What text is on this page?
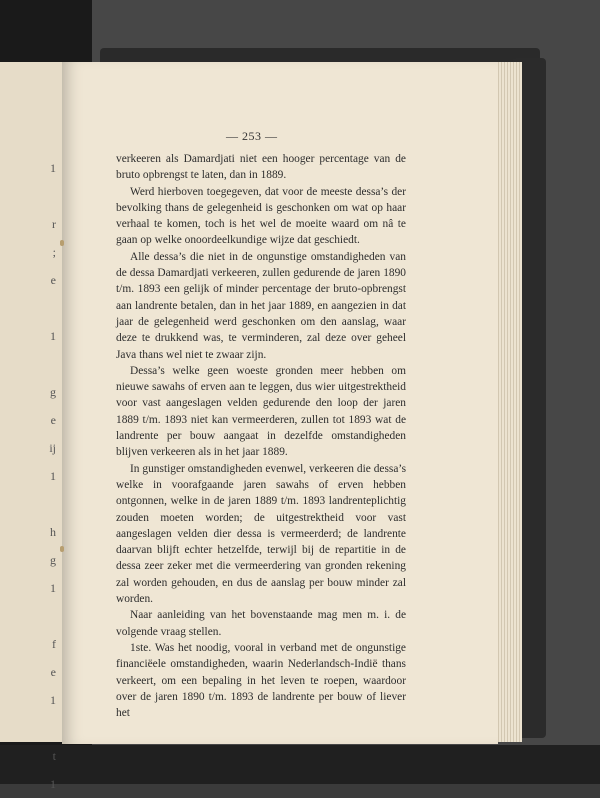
1

r
;
e

1

g
e
ij
1

h
g
1

f
e
1

t
1
— 253 —

verkeeren als Damardjati niet een hooger percentage van de bruto opbrengst te laten, dan in 1889.

Werd hierboven toegegeven, dat voor de meeste dessa’s der bevolking thans de gelegenheid is geschonken om wat op haar verhaal te komen, toch is het wel de moeite waard om nâ te gaan op welke onoordeelkundige wijze dat geschiedt.

Alle dessa’s die niet in de ongunstige omstandigheden van de dessa Damardjati verkeeren, zullen gedurende de jaren 1890 t/m. 1893 een gelijk of minder percentage der bruto-opbrengst aan landrente betalen, dan in het jaar 1889, en aangezien in dat jaar de gelegenheid werd geschonken om den aanslag, waar deze te drukkend was, te verminderen, zal deze over geheel Java thans wel niet te zwaar zijn.

Dessa’s welke geen woeste gronden meer hebben om nieuwe sawahs of erven aan te leggen, dus wier uitgestrektheid voor vast aangeslagen velden gedurende den loop der jaren 1889 t/m. 1893 niet kan vermeerderen, zullen tot 1893 wat de landrente per bouw aangaat in dezelfde omstandigheden blijven verkeeren als in het jaar 1889.

In gunstiger omstandigheden evenwel, verkeeren die dessa’s welke in voorafgaande jaren sawahs of erven hebben ontgonnen, welke in de jaren 1889 t/m. 1893 landrenteplichtig zouden moeten worden; de uitgestrektheid voor vast aangeslagen velden dier dessa is vermeerderd; de landrente daarvan blijft echter hetzelfde, terwijl bij de repartitie in de dessa zeer zeker met die vermeerdering van gronden rekening zal worden gehouden, en dus de aanslag per bouw minder zal worden.

Naar aanleiding van het bovenstaande mag men m. i. de volgende vraag stellen.

1ste. Was het noodig, vooral in verband met de ongunstige financiëele omstandigheden, waarin Nederlandsch-Indië thans verkeert, om een bepaling in het leven te roepen, waardoor over de jaren 1890 t/m. 1893 de landrente per bouw of liever het
